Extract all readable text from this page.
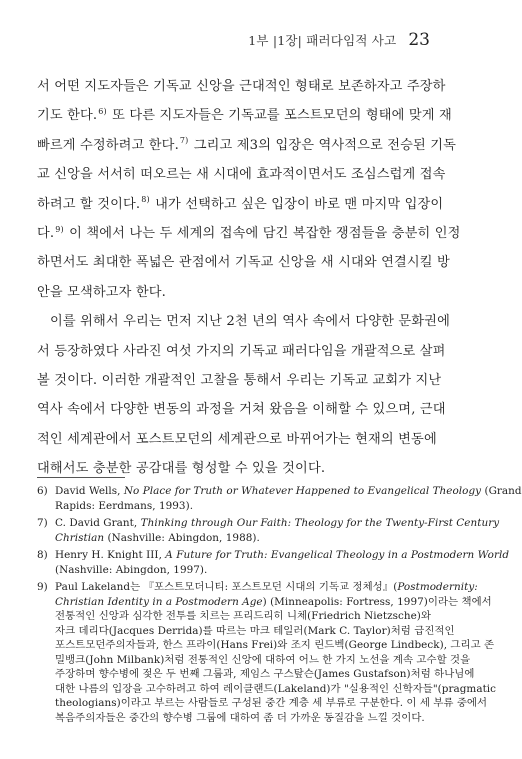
1부 |1장| 패러다임적 사고 23
서 어떤 지도자들은 기독교 신앙을 근대적인 형태로 보존하자고 주장하
기도 한다.$^{6)}$ 또 다른 지도자들은 기독교를 포스트모던의 형태에 맞게 재
빠르게 수정하려고 한다.$^{7)}$ 그리고 제3의 입장은 역사적으로 전승된 기독
교 신앙을 서서히 떠오르는 새 시대에 효과적이면서도 조심스럽게 접속
하려고 할 것이다.$^{8)}$ 내가 선택하고 싶은 입장이 바로 맨 마지막 입장이
다.$^{9)}$ 이 책에서 나는 두 세계의 접속에 담긴 복잡한 쟁점들을 충분히 인정
하면서도 최대한 폭넓은 관점에서 기독교 신앙을 새 시대와 연결시킬 방
안을 모색하고자 한다.
이를 위해서 우리는 먼저 지난 2천 년의 역사 속에서 다양한 문화권에
서 등장하였다 사라진 여섯 가지의 기독교 패러다임을 개괄적으로 살펴
볼 것이다. 이러한 개괄적인 고찰을 통해서 우리는 기독교 교회가 지난
역사 속에서 다양한 변동의 과정을 거쳐 왔음을 이해할 수 있으며, 근대
적인 세계관에서 포스트모던의 세계관으로 바뀌어가는 현재의 변동에
대해서도 충분한 공감대를 형성할 수 있을 것이다.
6) David Wells, No Place for Truth or Whatever Happened to Evangelical Theology (Grand
Rapids: Eerdmans, 1993).
7) C. David Grant, Thinking through Our Faith: Theology for the Twenty-First Century
Christian (Nashville: Abingdon, 1988).
8) Henry H. Knight III, A Future for Truth: Evangelical Theology in a Postmodern World
(Nashville: Abingdon, 1997).
9) Paul Lakeland는 『포스트모더니티: 포스트모던 시대의 기독교 정체성』(Postmodernity:
Christian Identity in a Postmodern Age) (Minneapolis: Fortress, 1997)이라는 책에서
전통적인 신앙과 심각한 전투를 치르는 프리드리히 니체(Friedrich Nietzsche)와
자크 데리다(Jacques Derrida)를 따르는 마크 테일러(Mark C. Taylor)처럼 급진적인
포스트모던주의자들과, 한스 프라이(Hans Frei)와 조지 린드벡(George Lindbeck), 그리고 존
밀뱅크(John Milbank)처럼 전통적인 신앙에 대하여 어느 한 가지 노선을 계속 고수할 것을
주장하며 향수병에 젖은 두 번째 그룹과, 제임스 구스탚슨(James Gustafson)처럼 하나님에
대한 나름의 입장을 고수하려고 하여 레이클랜드(Lakeland)가 "실용적인 신학자들"(pragmatic
theologians)이라고 부르는 사람들로 구성된 중간 계층 세 부류로 구분한다. 이 세 부류 중에서
복음주의자들은 중간의 향수병 그룹에 대하여 좀 더 가까운 동질감을 느낄 것이다.
